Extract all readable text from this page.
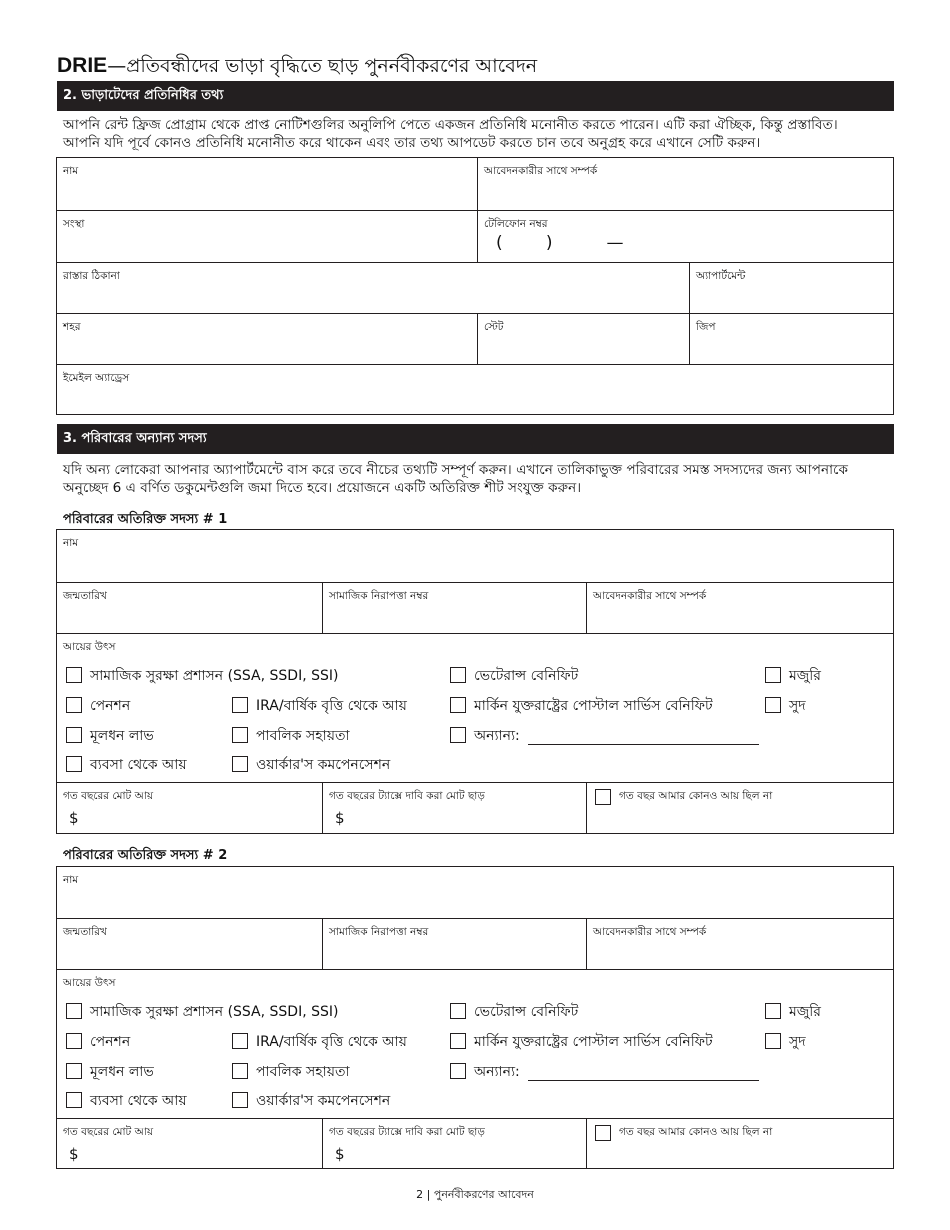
DRIE—প্রতিবন্ধীদের ভাড়া বৃদ্ধিতে ছাড় পুনর্নবীকরণের আবেদন
2. ভাড়াটেদের প্রতিনিধির তথ্য
আপনি রেন্ট ফ্রিজ প্রোগ্রাম থেকে প্রাপ্ত নোটিশগুলির অনুলিপি পেতে একজন প্রতিনিধি মনোনীত করতে পারেন। এটি করা ঐচ্ছিক, কিন্তু প্রস্তাবিত।
আপনি যদি পূর্বে কোনও প্রতিনিধি মনোনীত করে থাকেন এবং তার তথ্য আপডেট করতে চান তবে অনুগ্রহ করে এখানে সেটি করুন।
নাম	আবেদনকারীর সাথে সম্পর্ক
সংস্থা	টেলিফোন নম্বর
(        )          —
রাস্তার ঠিকানা	অ্যাপার্টমেন্ট
শহর	স্টেট	জিপ
ইমেইল অ্যাড্রেস
3. পরিবারের অন্যান্য সদস্য
যদি অন্য লোকেরা আপনার অ্যাপার্টমেন্টে বাস করে তবে নীচের তথ্যটি সম্পূর্ণ করুন। এখানে তালিকাভুক্ত পরিবারের সমস্ত সদস্যদের জন্য আপনাকে
অনুচ্ছেদ 6 এ বর্ণিত ডকুমেন্টগুলি জমা দিতে হবে। প্রয়োজনে একটি অতিরিক্ত শীট সংযুক্ত করুন।
পরিবারের অতিরিক্ত সদস্য # 1
নাম
জন্মতারিখ	সামাজিক নিরাপত্তা নম্বর	আবেদনকারীর সাথে সম্পর্ক
আয়ের উৎস
সামাজিক সুরক্ষা প্রশাসন (SSA, SSDI, SSI)	ভেটেরান্স বেনিফিট	মজুরি
পেনশন	IRA/বার্ষিক বৃত্তি থেকে আয়	মার্কিন যুক্তরাষ্ট্রের পোস্টাল সার্ভিস বেনিফিট	সুদ
মূলধন লাভ	পাবলিক সহায়তা	অন্যান্য:
ব্যবসা থেকে আয়	ওয়ার্কার'স কমপেনসেশন
গত বছরের মোট আয়
$
গত বছরের ট্যাক্সে দাবি করা মোট ছাড়
$
গত বছর আমার কোনও আয় ছিল না
পরিবারের অতিরিক্ত সদস্য # 2
নাম
জন্মতারিখ	সামাজিক নিরাপত্তা নম্বর	আবেদনকারীর সাথে সম্পর্ক
আয়ের উৎস
সামাজিক সুরক্ষা প্রশাসন (SSA, SSDI, SSI)	ভেটেরান্স বেনিফিট	মজুরি
পেনশন	IRA/বার্ষিক বৃত্তি থেকে আয়	মার্কিন যুক্তরাষ্ট্রের পোস্টাল সার্ভিস বেনিফিট	সুদ
মূলধন লাভ	পাবলিক সহায়তা	অন্যান্য:
ব্যবসা থেকে আয়	ওয়ার্কার'স কমপেনসেশন
গত বছরের মোট আয়
$
গত বছরের ট্যাক্সে দাবি করা মোট ছাড়
$
গত বছর আমার কোনও আয় ছিল না
2 | পুনর্নবীকরণের আবেদন
